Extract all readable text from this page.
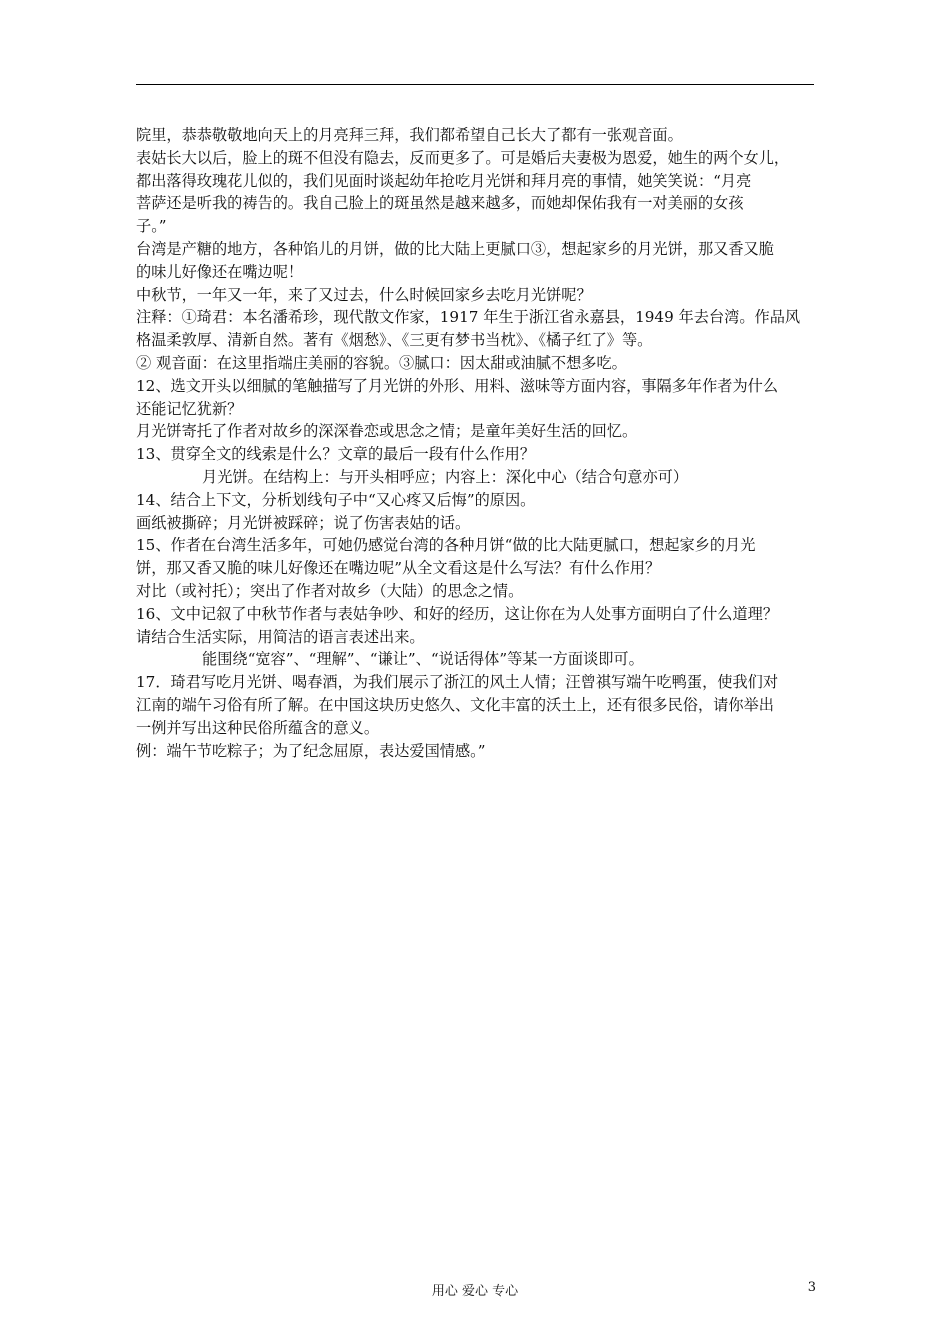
院里，恭恭敬敬地向天上的月亮拜三拜，我们都希望自己长大了都有一张观音面。

表姑长大以后，脸上的斑不但没有隐去，反而更多了。可是婚后夫妻极为恩爱，她生的两个女儿，

都出落得玫瑰花儿似的，我们见面时谈起幼年抢吃月光饼和拜月亮的事情，她笑笑说：“月亮

菩萨还是听我的祷告的。我自己脸上的斑虽然是越来越多，而她却保佑我有一对美丽的女孩

子。”

台湾是产糖的地方，各种馅儿的月饼，做的比大陆上更腻口③，想起家乡的月光饼，那又香又脆

的味儿好像还在嘴边呢！

中秋节，一年又一年，来了又过去，什么时候回家乡去吃月光饼呢？

注释：①琦君：本名潘希珍，现代散文作家，1917 年生于浙江省永嘉县，1949 年去台湾。作品风

格温柔敦厚、清新自然。著有《烟愁》、《三更有梦书当枕》、《橘子红了》等。

② 观音面：在这里指端庄美丽的容貌。③腻口：因太甜或油腻不想多吃。

12、选文开头以细腻的笔触描写了月光饼的外形、用料、滋味等方面内容，事隔多年作者为什么

还能记忆犹新？

月光饼寄托了作者对故乡的深深眷恋或思念之情；是童年美好生活的回忆。

13、贯穿全文的线索是什么？文章的最后一段有什么作用？

月光饼。在结构上：与开头相呼应；内容上：深化中心（结合句意亦可）

14、结合上下文，分析划线句子中“又心疼又后悔”的原因。

画纸被撕碎；月光饼被踩碎；说了伤害表姑的话。

15、作者在台湾生活多年，可她仍感觉台湾的各种月饼“做的比大陆更腻口，想起家乡的月光

饼，那又香又脆的味儿好像还在嘴边呢”从全文看这是什么写法？有什么作用？

对比（或衬托）；突出了作者对故乡（大陆）的思念之情。

16、文中记叙了中秋节作者与表姑争吵、和好的经历，这让你在为人处事方面明白了什么道理？

请结合生活实际，用简洁的语言表述出来。

能围绕“宽容”、“理解”、“谦让”、“说话得体”等某一方面谈即可。

17．琦君写吃月光饼、喝春酒，为我们展示了浙江的风土人情；汪曾祺写端午吃鸭蛋，使我们对

江南的端午习俗有所了解。在中国这块历史悠久、文化丰富的沃土上，还有很多民俗，请你举出

一例并写出这种民俗所蕴含的意义。

例：端午节吃粽子；为了纪念屈原，表达爱国情感。”

用心 爱心 专心	3
